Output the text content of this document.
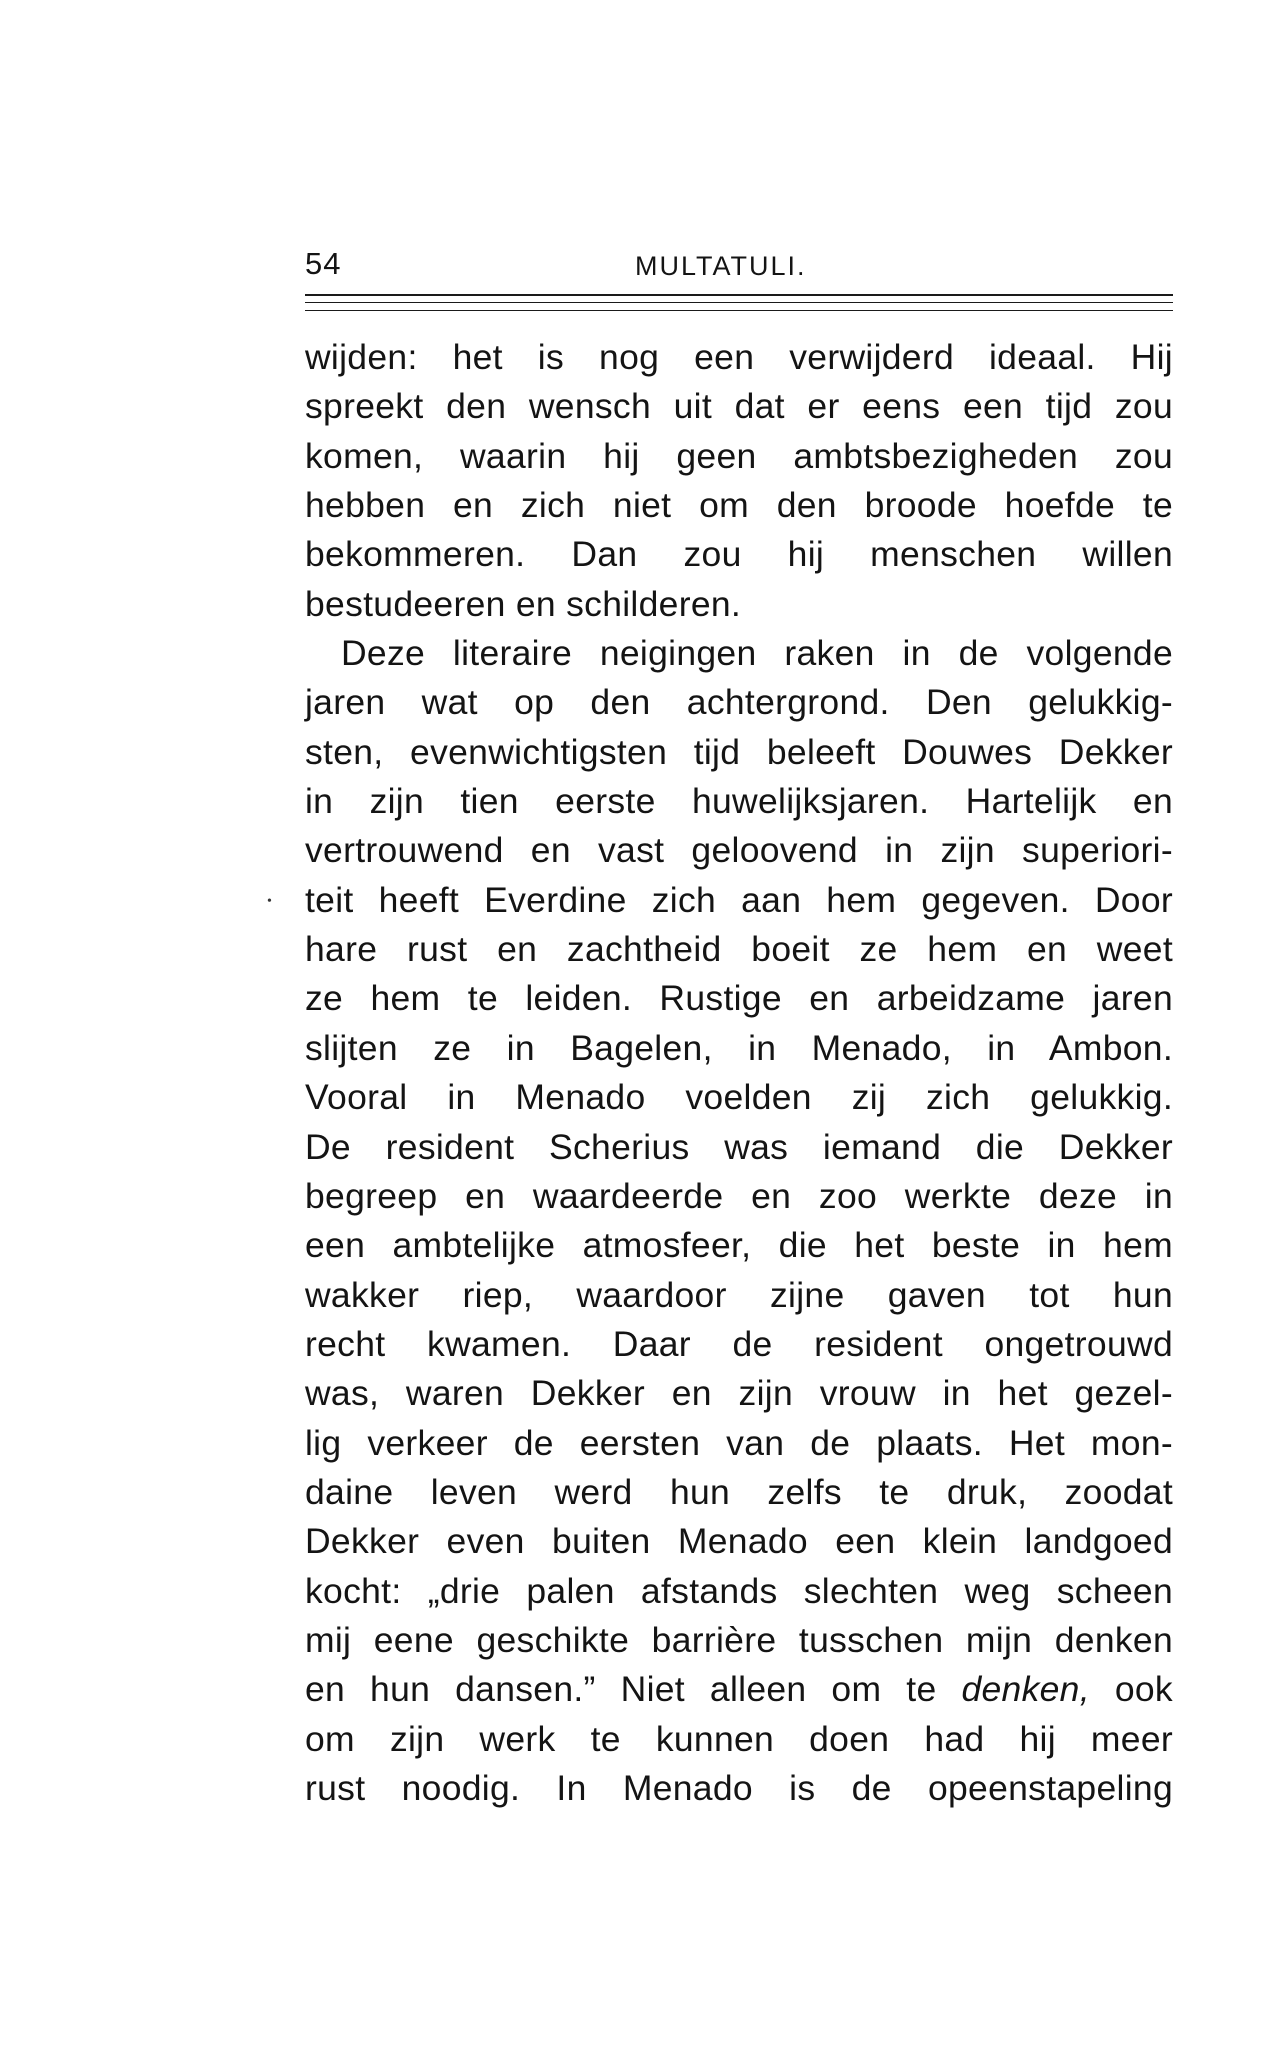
54	MULTATULI.
•
wijden: het is nog een verwijderd ideaal. Hij
spreekt den wensch uit dat er eens een tijd zou
komen, waarin hij geen ambtsbezigheden zou
hebben en zich niet om den broode hoefde te
bekommeren. Dan zou hij menschen willen
bestudeeren en schilderen.
Deze literaire neigingen raken in de volgende
jaren wat op den achtergrond. Den gelukkig-
sten, evenwichtigsten tijd beleeft Douwes Dekker
in zijn tien eerste huwelijksjaren. Hartelijk en
vertrouwend en vast geloovend in zijn superiori-
teit heeft Everdine zich aan hem gegeven. Door
hare rust en zachtheid boeit ze hem en weet
ze hem te leiden. Rustige en arbeidzame jaren
slijten ze in Bagelen, in Menado, in Ambon.
Vooral in Menado voelden zij zich gelukkig.
De resident Scherius was iemand die Dekker
begreep en waardeerde en zoo werkte deze in
een ambtelijke atmosfeer, die het beste in hem
wakker riep, waardoor zijne gaven tot hun
recht kwamen. Daar de resident ongetrouwd
was, waren Dekker en zijn vrouw in het gezel-
lig verkeer de eersten van de plaats. Het mon-
daine leven werd hun zelfs te druk, zoodat
Dekker even buiten Menado een klein landgoed
kocht: „drie palen afstands slechten weg scheen
mij eene geschikte barrière tusschen mijn denken
en hun dansen.” Niet alleen om te denken, ook
om zijn werk te kunnen doen had hij meer
rust noodig. In Menado is de opeenstapeling
